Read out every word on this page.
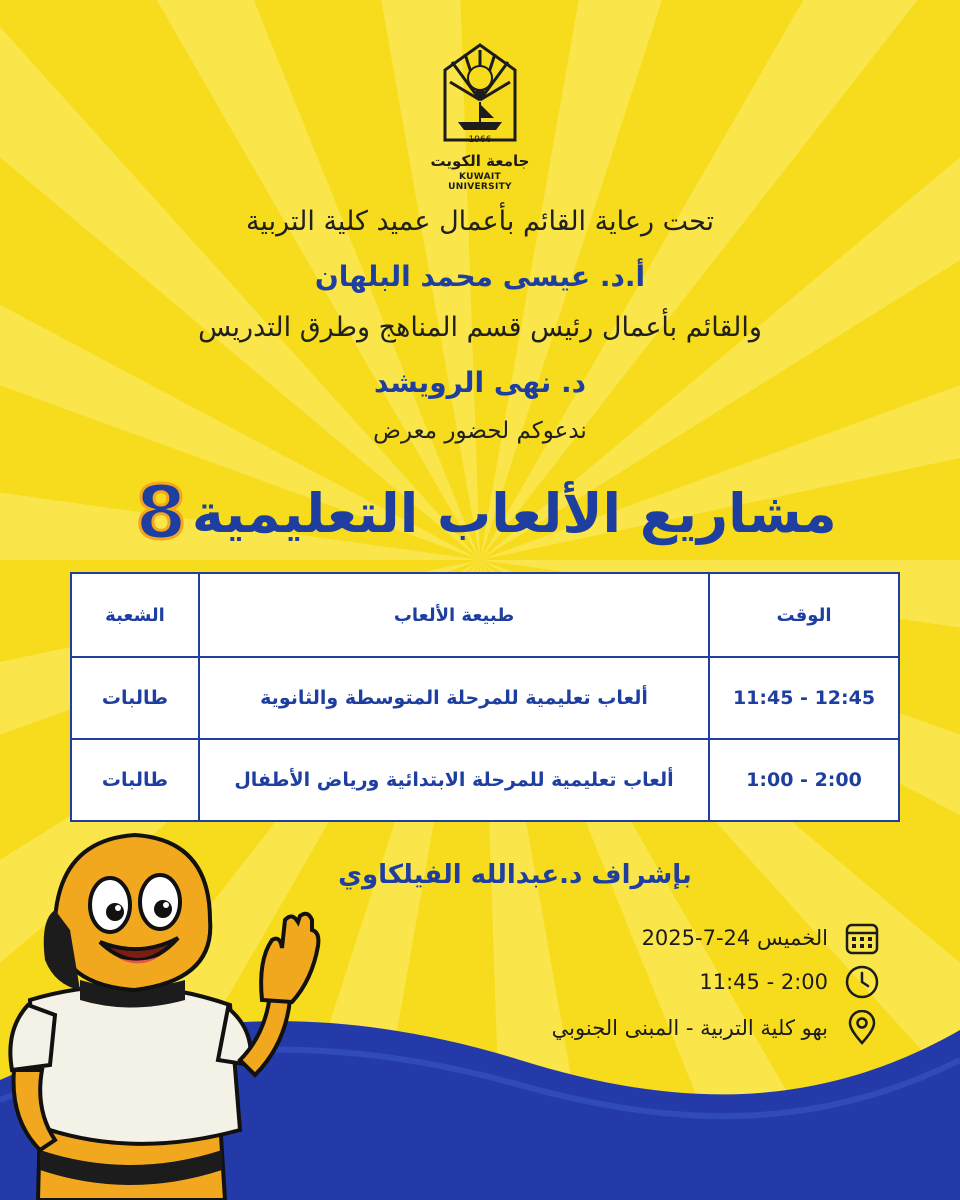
1966
جامعة الكويت
KUWAIT UNIVERSITY
تحت رعاية القائم بأعمال عميد كلية التربية
أ.د. عيسى محمد البلهان
والقائم بأعمال رئيس قسم المناهج وطرق التدريس
د. نهى الرويشد
ندعوكم لحضور معرض
8 مشاريع الألعاب التعليمية
الوقت	طبيعة الألعاب	الشعبة
12:45 - 11:45	ألعاب تعليمية للمرحلة المتوسطة والثانوية	طالبات
2:00 - 1:00	ألعاب تعليمية للمرحلة الابتدائية ورياض الأطفال	طالبات
بإشراف د.عبدالله الفيلكاوي
الخميس 24-7-2025
2:00 - 11:45
بهو كلية التربية - المبنى الجنوبي
